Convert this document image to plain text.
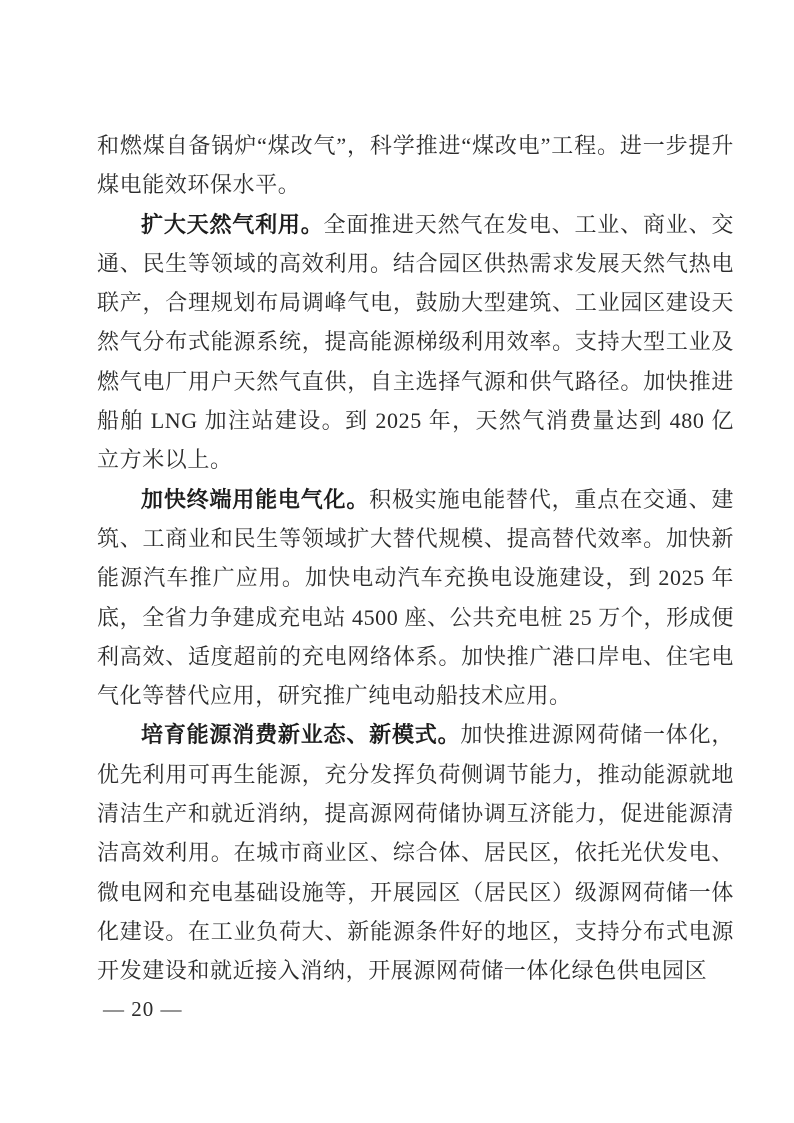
和燃煤自备锅炉“煤改气”，科学推进“煤改电”工程。进一步提升煤电能效环保水平。

扩大天然气利用。全面推进天然气在发电、工业、商业、交通、民生等领域的高效利用。结合园区供热需求发展天然气热电联产，合理规划布局调峰气电，鼓励大型建筑、工业园区建设天然气分布式能源系统，提高能源梯级利用效率。支持大型工业及燃气电厂用户天然气直供，自主选择气源和供气路径。加快推进船舶 LNG 加注站建设。到 2025 年，天然气消费量达到 480 亿立方米以上。

加快终端用能电气化。积极实施电能替代，重点在交通、建筑、工商业和民生等领域扩大替代规模、提高替代效率。加快新能源汽车推广应用。加快电动汽车充换电设施建设，到 2025 年底，全省力争建成充电站 4500 座、公共充电桩 25 万个，形成便利高效、适度超前的充电网络体系。加快推广港口岸电、住宅电气化等替代应用，研究推广纯电动船技术应用。

培育能源消费新业态、新模式。加快推进源网荷储一体化，优先利用可再生能源，充分发挥负荷侧调节能力，推动能源就地清洁生产和就近消纳，提高源网荷储协调互济能力，促进能源清洁高效利用。在城市商业区、综合体、居民区，依托光伏发电、微电网和充电基础设施等，开展园区（居民区）级源网荷储一体化建设。在工业负荷大、新能源条件好的地区，支持分布式电源开发建设和就近接入消纳，开展源网荷储一体化绿色供电园区

— 20 —
